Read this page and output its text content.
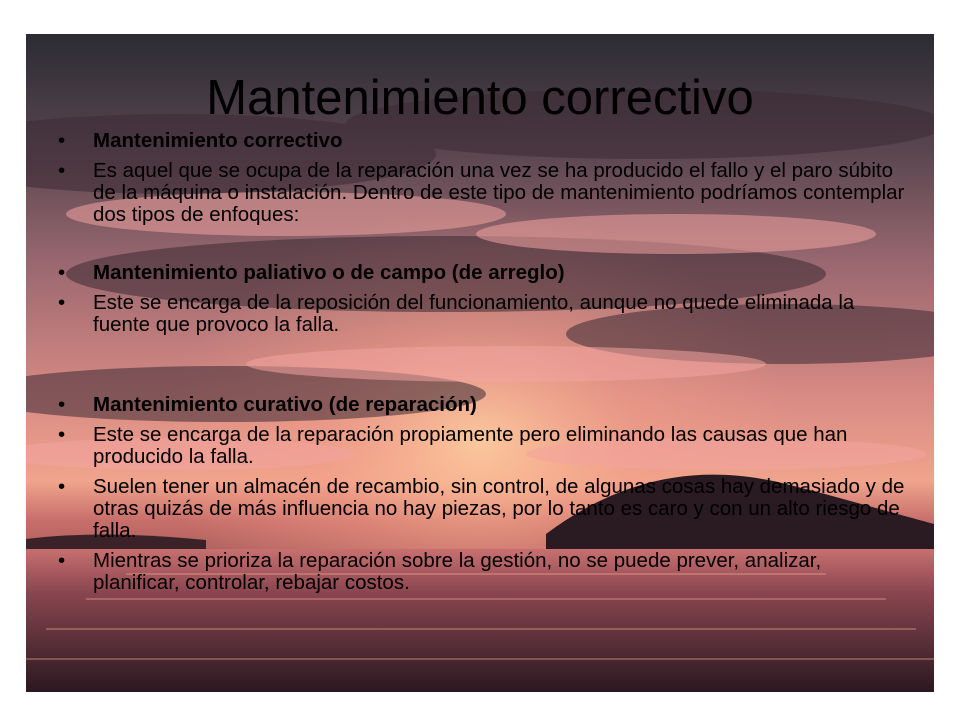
Mantenimiento correctivo
• Mantenimiento correctivo
• Es aquel que se ocupa de la reparación una vez se ha producido el fallo y el paro súbito de la máquina o instalación. Dentro de este tipo de mantenimiento podríamos contemplar dos tipos de enfoques:
• Mantenimiento paliativo o de campo (de arreglo)
• Este se encarga de la reposición del funcionamiento, aunque no quede eliminada la fuente que provoco la falla.
• Mantenimiento curativo (de reparación)
• Este se encarga de la reparación propiamente pero eliminando las causas que han producido la falla.
• Suelen tener un almacén de recambio, sin control, de algunas cosas hay demasiado y de otras quizás de más influencia no hay piezas, por lo tanto es caro y con un alto riesgo de falla.
• Mientras se prioriza la reparación sobre la gestión, no se puede prever, analizar, planificar, controlar, rebajar costos.
